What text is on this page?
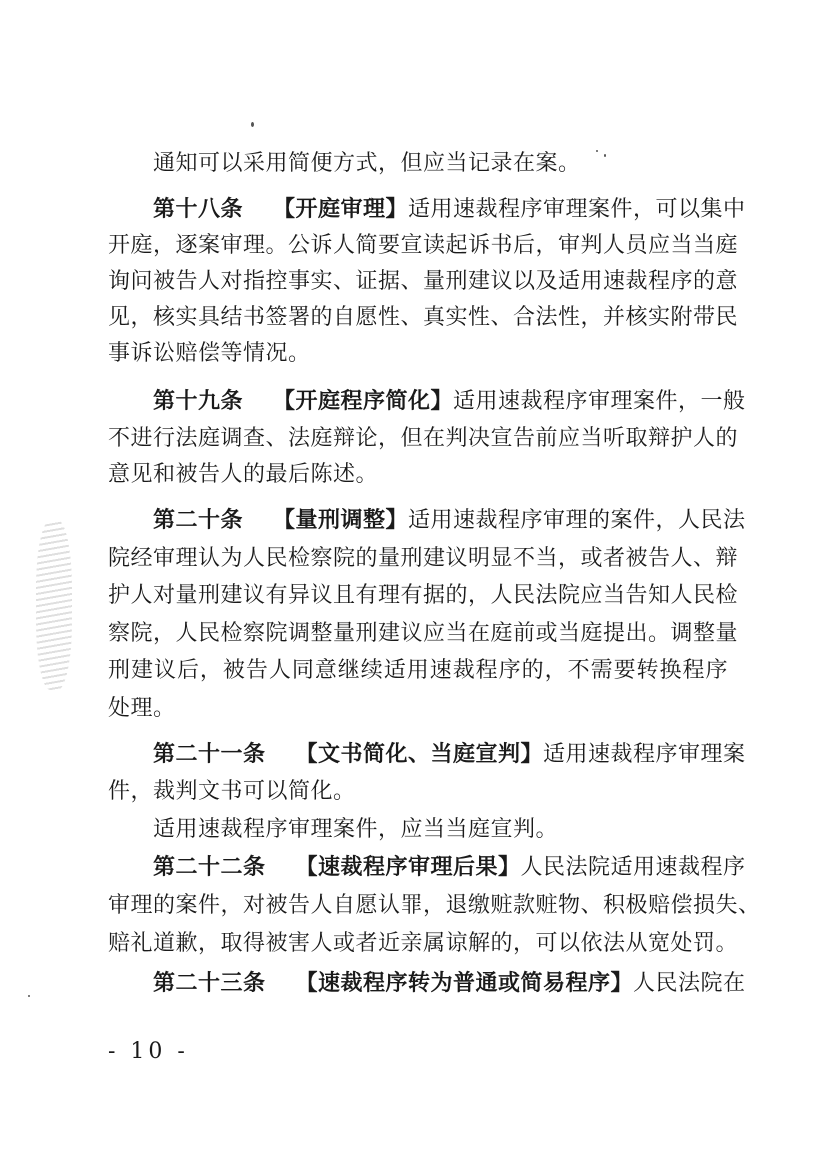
通知可以采用简便方式，但应当记录在案。
第十八条 【开庭审理】适用速裁程序审理案件，可以集中
开庭，逐案审理。公诉人简要宣读起诉书后，审判人员应当当庭
询问被告人对指控事实、证据、量刑建议以及适用速裁程序的意
见，核实具结书签署的自愿性、真实性、合法性，并核实附带民
事诉讼赔偿等情况。
第十九条 【开庭程序简化】适用速裁程序审理案件，一般
不进行法庭调查、法庭辩论，但在判决宣告前应当听取辩护人的
意见和被告人的最后陈述。
第二十条 【量刑调整】适用速裁程序审理的案件，人民法
院经审理认为人民检察院的量刑建议明显不当，或者被告人、辩
护人对量刑建议有异议且有理有据的，人民法院应当告知人民检
察院，人民检察院调整量刑建议应当在庭前或当庭提出。调整量
刑建议后，被告人同意继续适用速裁程序的，不需要转换程序
处理。
第二十一条 【文书简化、当庭宣判】适用速裁程序审理案
件，裁判文书可以简化。
适用速裁程序审理案件，应当当庭宣判。
第二十二条 【速裁程序审理后果】人民法院适用速裁程序
审理的案件，对被告人自愿认罪，退缴赃款赃物、积极赔偿损失、
赔礼道歉，取得被害人或者近亲属谅解的，可以依法从宽处罚。
第二十三条 【速裁程序转为普通或简易程序】人民法院在
- 10 -
